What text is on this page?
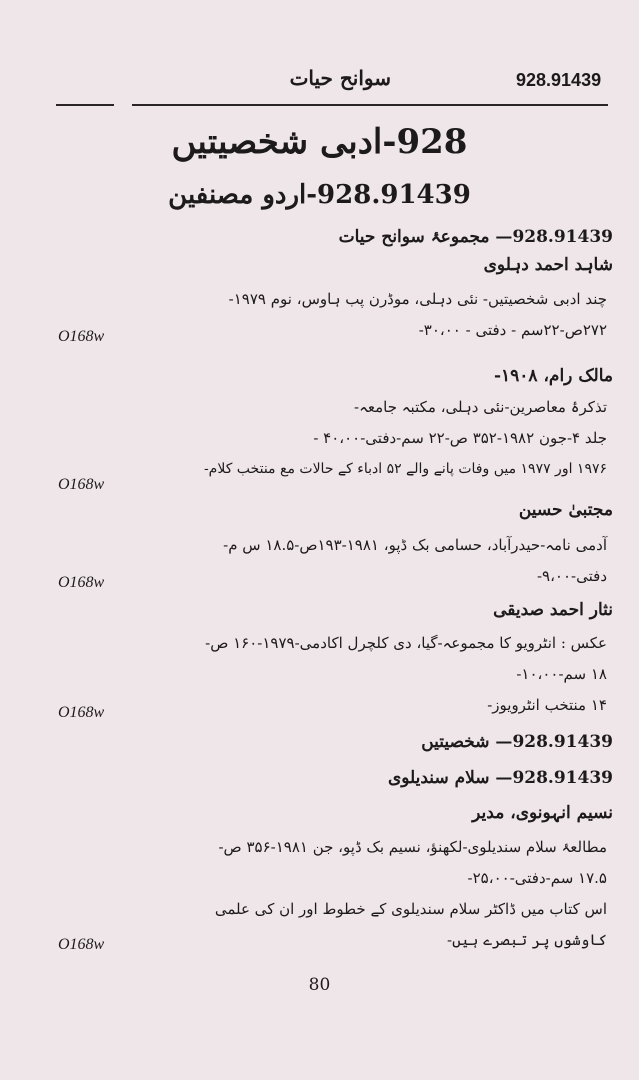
928.91439
سوانح حیات
928-ادبی شخصیتیں
928.91439-اردو مصنفین
928.91439— مجموعۂ سوانح حیات
شاہد احمد دہلوی
چند ادبی شخصیتیں- نئی دہلی، موڈرن پب ہاوس، نوم ۱۹۷۹-
۲۷۲ص-۲۲سم - دفتی - ۳۰،۰۰-
O168w
مالک رام، ۱۹۰۸-
تذکرۂ معاصرین-نئی دہلی، مکتبہ جامعہ-
جلد ۴-جون ۱۹۸۲-۳۵۲ ص-۲۲ سم-دفتی-۴۰،۰۰ -
۱۹۷۶ اور ۱۹۷۷ میں وفات پانے والے ۵۲ ادباء کے حالات مع منتخب کلام-
O168w
مجتبیٰ حسین
آدمی نامہ-حیدرآباد، حسامی بک ڈپو، ۱۹۸۱-۱۹۳ص-۱۸.۵ س م-
دفتی-۹،۰۰-
O168w
نثار احمد صدیقی
عکس : انٹرویو کا مجموعہ-گیا، دی کلچرل اکادمی-۱۹۷۹-۱۶۰ ص-
۱۸ سم-۱۰،۰۰-
۱۴ منتخب انٹرویوز-
O168w
928.91439— شخصیتیں
928.91439— سلام سندیلوی
نسیم انہونوی، مدیر
مطالعۂ سلام سندیلوی-لکھنؤ، نسیم بک ڈپو، جن ۱۹۸۱-۳۵۶ ص-
۱۷.۵ سم-دفتی-۲۵،۰۰-
اس کتاب میں ڈاکٹر سلام سندیلوی کے خطوط اور ان کی علمی
کاوشوں پر تبصرے ہیں-
O168w
80
